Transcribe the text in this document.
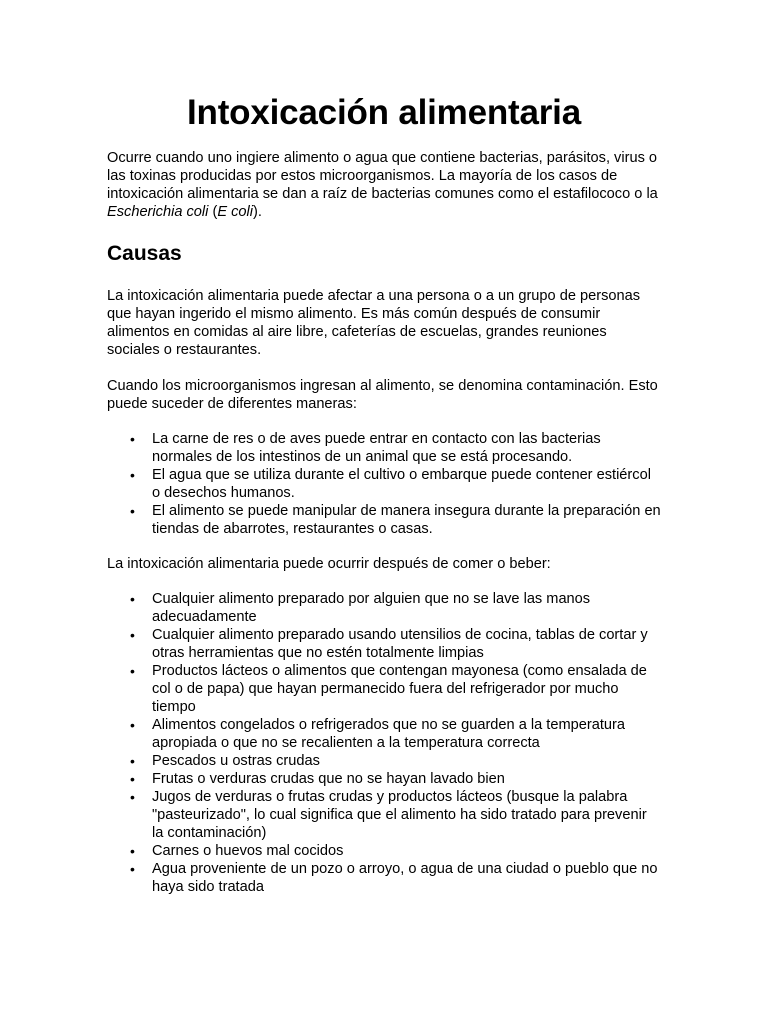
Intoxicación alimentaria

Ocurre cuando uno ingiere alimento o agua que contiene bacterias, parásitos, virus o las toxinas producidas por estos microorganismos. La mayoría de los casos de intoxicación alimentaria se dan a raíz de bacterias comunes como el estafilococo o la Escherichia coli (E coli).

Causas

La intoxicación alimentaria puede afectar a una persona o a un grupo de personas que hayan ingerido el mismo alimento. Es más común después de consumir alimentos en comidas al aire libre, cafeterías de escuelas, grandes reuniones sociales o restaurantes.

Cuando los microorganismos ingresan al alimento, se denomina contaminación. Esto puede suceder de diferentes maneras:

• La carne de res o de aves puede entrar en contacto con las bacterias normales de los intestinos de un animal que se está procesando.
• El agua que se utiliza durante el cultivo o embarque puede contener estiércol o desechos humanos.
• El alimento se puede manipular de manera insegura durante la preparación en tiendas de abarrotes, restaurantes o casas.

La intoxicación alimentaria puede ocurrir después de comer o beber:

• Cualquier alimento preparado por alguien que no se lave las manos adecuadamente
• Cualquier alimento preparado usando utensilios de cocina, tablas de cortar y otras herramientas que no estén totalmente limpias
• Productos lácteos o alimentos que contengan mayonesa (como ensalada de col o de papa) que hayan permanecido fuera del refrigerador por mucho tiempo
• Alimentos congelados o refrigerados que no se guarden a la temperatura apropiada o que no se recalienten a la temperatura correcta
• Pescados u ostras crudas
• Frutas o verduras crudas que no se hayan lavado bien
• Jugos de verduras o frutas crudas y productos lácteos (busque la palabra "pasteurizado", lo cual significa que el alimento ha sido tratado para prevenir la contaminación)
• Carnes o huevos mal cocidos
• Agua proveniente de un pozo o arroyo, o agua de una ciudad o pueblo que no haya sido tratada
